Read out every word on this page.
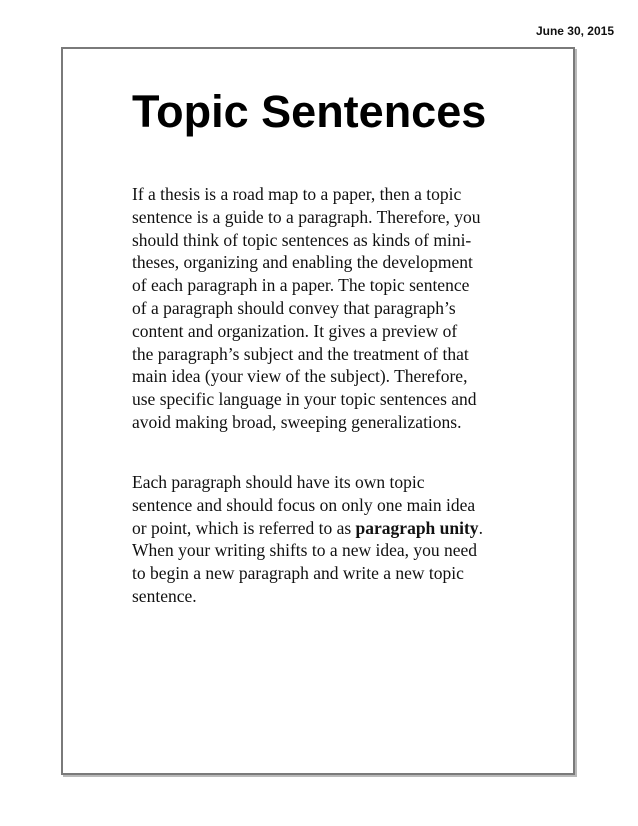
June 30, 2015
Topic Sentences

If a thesis is a road map to a paper, then a topic
sentence is a guide to a paragraph. Therefore, you
should think of topic sentences as kinds of mini-
theses, organizing and enabling the development
of each paragraph in a paper. The topic sentence
of a paragraph should convey that paragraph’s
content and organization. It gives a preview of
the paragraph’s subject and the treatment of that
main idea (your view of the subject). Therefore,
use specific language in your topic sentences and
avoid making broad, sweeping generalizations.

Each paragraph should have its own topic
sentence and should focus on only one main idea
or point, which is referred to as paragraph unity.
When your writing shifts to a new idea, you need
to begin a new paragraph and write a new topic
sentence.
